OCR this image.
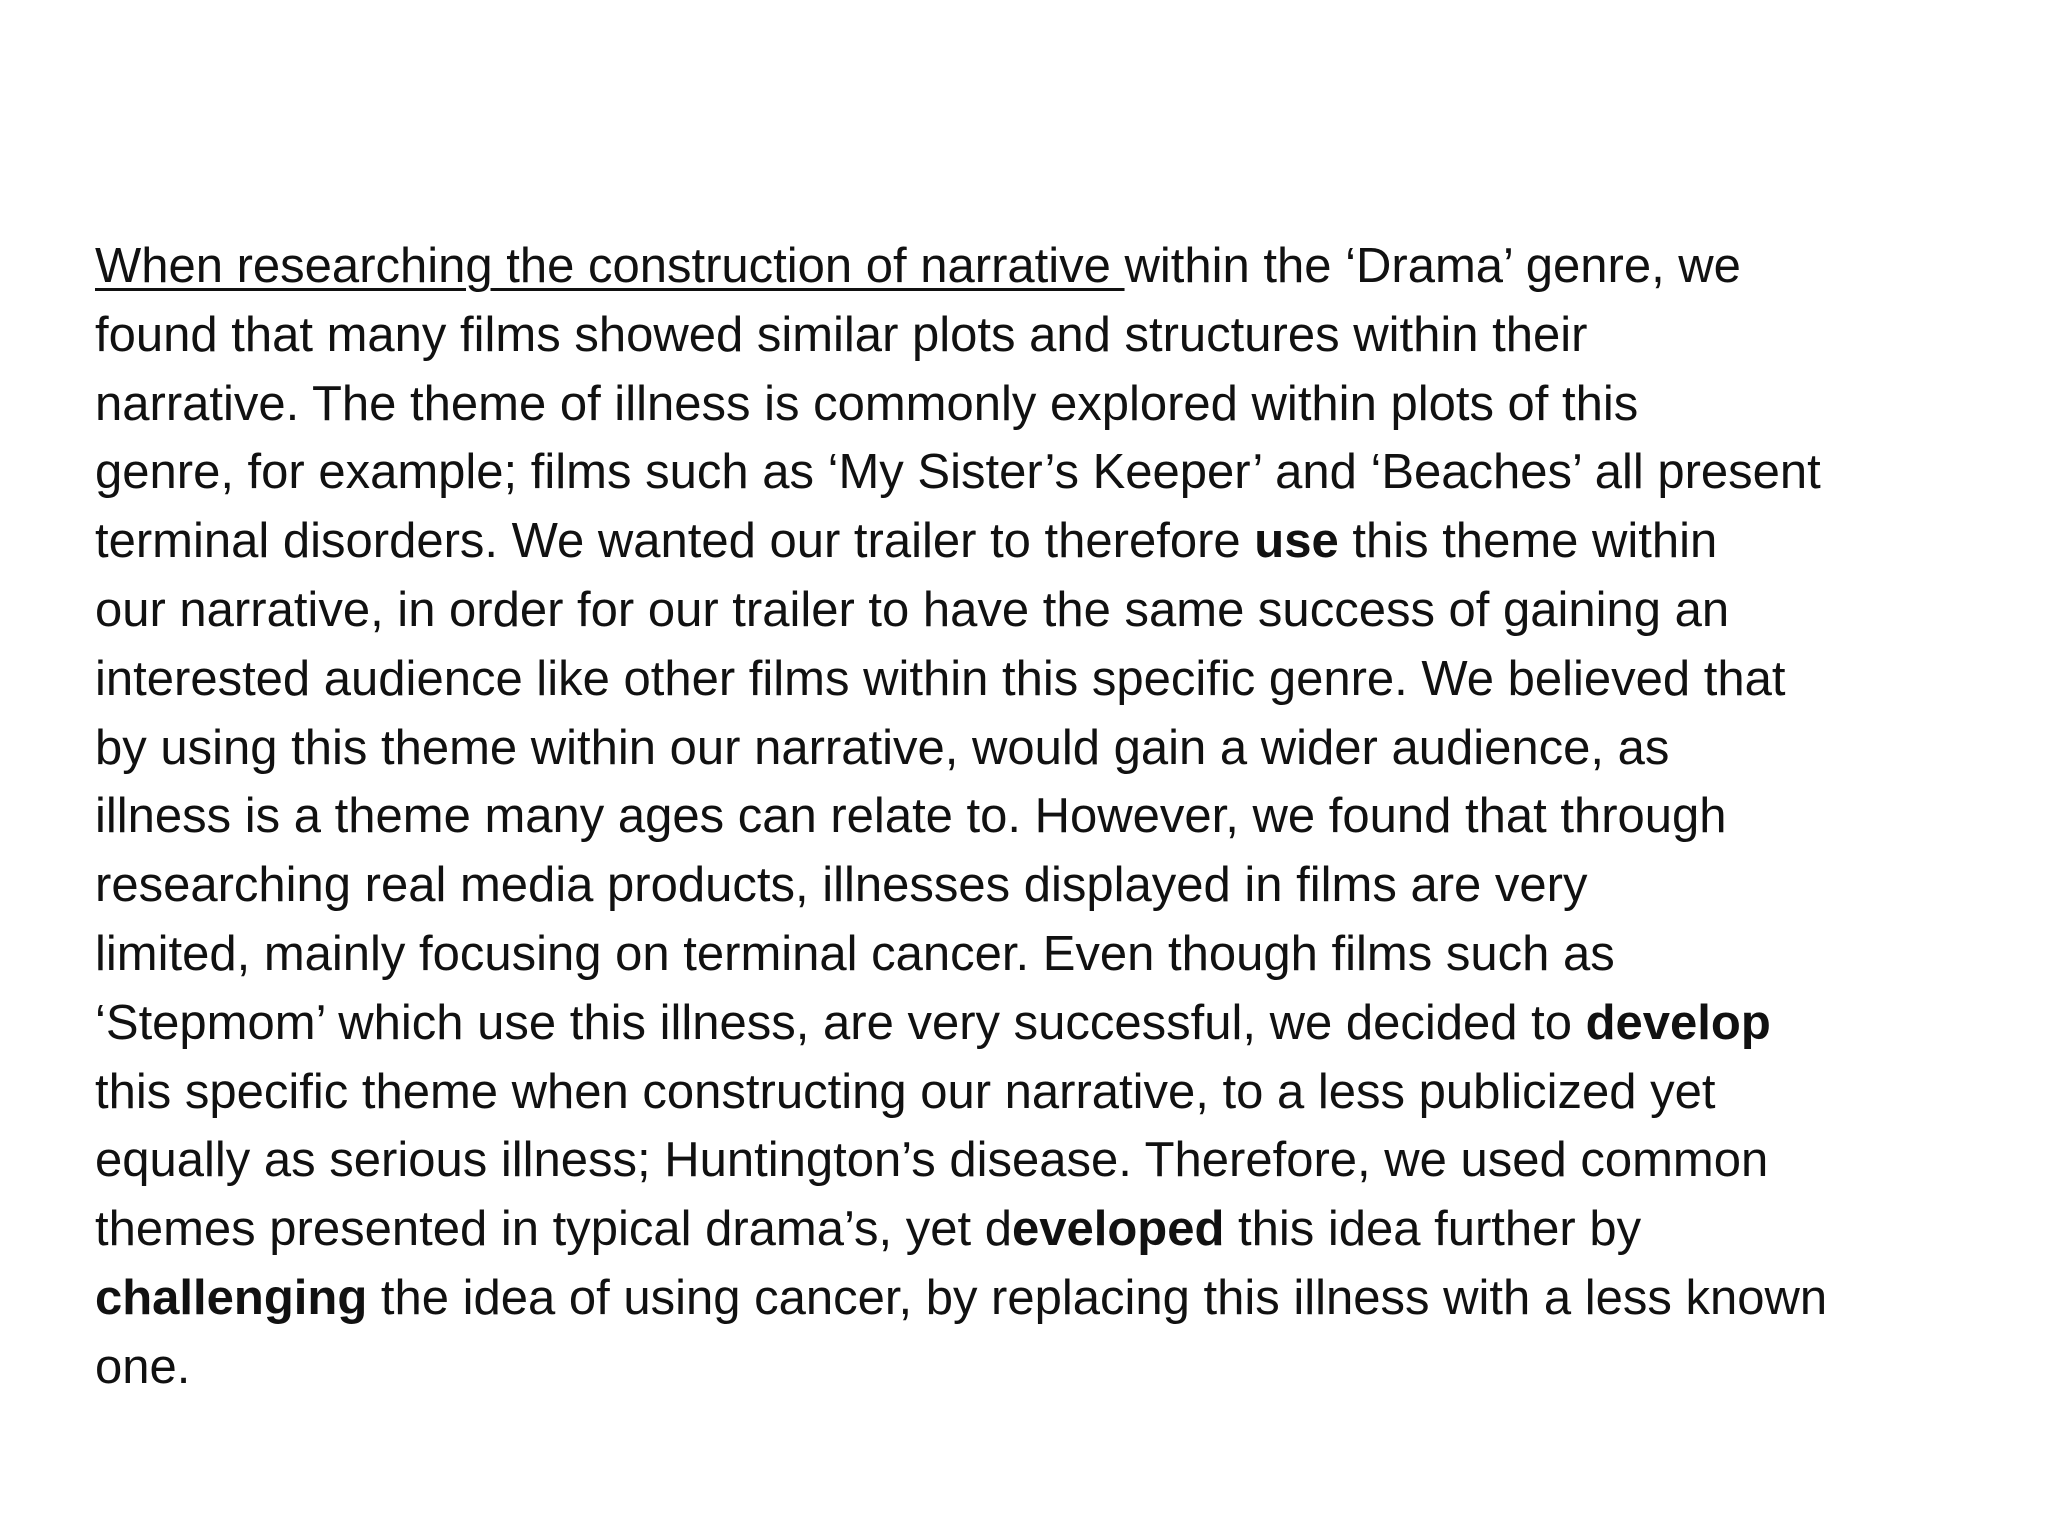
When researching the construction of narrative within the ‘Drama’ genre, we
found that many films showed similar plots and structures within their
narrative. The theme of illness is commonly explored within plots of this
genre, for example; films such as ‘My Sister’s Keeper’ and ‘Beaches’ all present
terminal disorders. We wanted our trailer to therefore use this theme within
our narrative, in order for our trailer to have the same success of gaining an
interested audience like other films within this specific genre. We believed that
by using this theme within our narrative, would gain a wider audience, as
illness is a theme many ages can relate to. However, we found that through
researching real media products, illnesses displayed in films are very
limited, mainly focusing on terminal cancer. Even though films such as
‘Stepmom’ which use this illness, are very successful, we decided to develop
this specific theme when constructing our narrative, to a less publicized yet
equally as serious illness; Huntington’s disease. Therefore, we used common
themes presented in typical drama’s, yet developed this idea further by
challenging the idea of using cancer, by replacing this illness with a less known
one.
